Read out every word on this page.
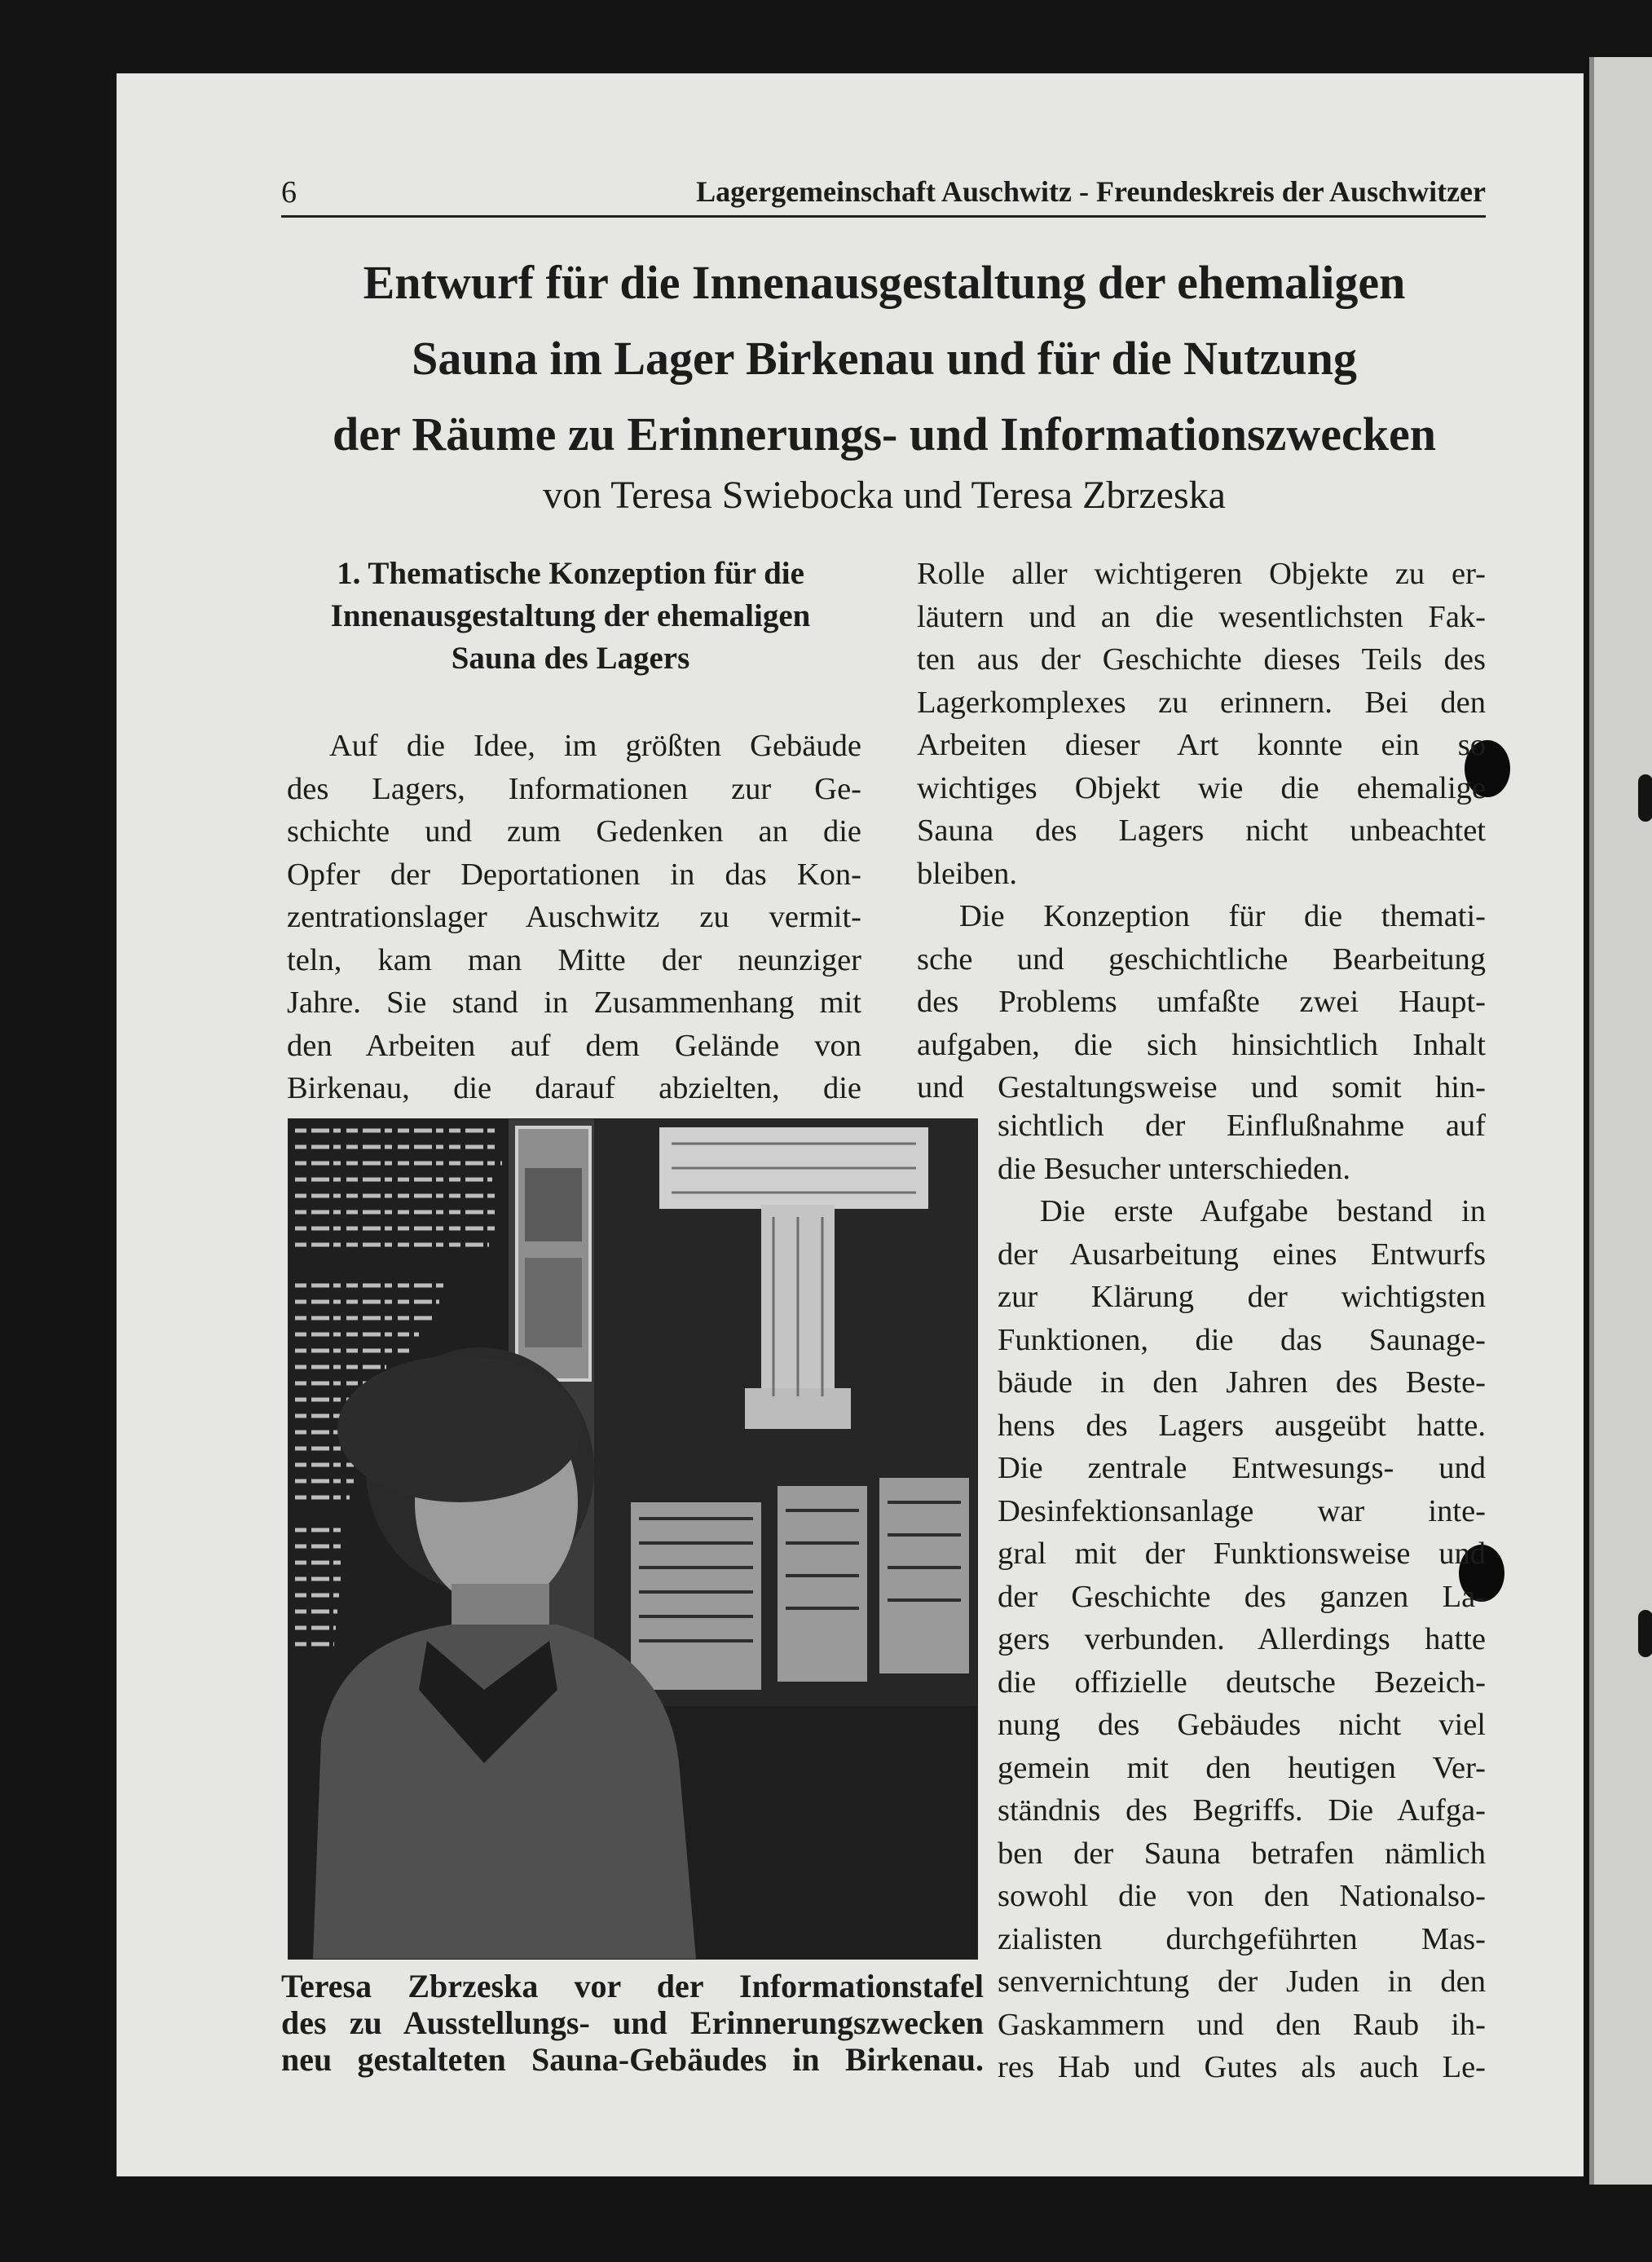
6	Lagergemeinschaft Auschwitz - Freundeskreis der Auschwitzer
Entwurf für die Innenausgestaltung der ehemaligen
Sauna im Lager Birkenau und für die Nutzung
der Räume zu Erinnerungs- und Informationszwecken

von Teresa Swiebocka und Teresa Zbrzeska

1. Thematische Konzeption für die
Innenausgestaltung der ehemaligen
Sauna des Lagers
Auf die Idee, im größten Gebäude
des Lagers, Informationen zur Ge-
schichte und zum Gedenken an die
Opfer der Deportationen in das Kon-
zentrationslager Auschwitz zu vermit-
teln, kam man Mitte der neunziger
Jahre. Sie stand in Zusammenhang mit
den Arbeiten auf dem Gelände von
Birkenau, die darauf abzielten, die
Rolle aller wichtigeren Objekte zu er-
läutern und an die wesentlichsten Fak-
ten aus der Geschichte dieses Teils des
Lagerkomplexes zu erinnern. Bei den
Arbeiten dieser Art konnte ein so
wichtiges Objekt wie die ehemalige
Sauna des Lagers nicht unbeachtet
bleiben.
Die Konzeption für die themati-
sche und geschichtliche Bearbeitung
des Problems umfaßte zwei Haupt-
aufgaben, die sich hinsichtlich Inhalt
und Gestaltungsweise und somit hin-
sichtlich der Einflußnahme auf
die Besucher unterschieden.
Die erste Aufgabe bestand in
der Ausarbeitung eines Entwurfs
zur Klärung der wichtigsten
Funktionen, die das Saunage-
bäude in den Jahren des Beste-
hens des Lagers ausgeübt hatte.
Die zentrale Entwesungs- und
Desinfektionsanlage war inte-
gral mit der Funktionsweise und
der Geschichte des ganzen La-
gers verbunden. Allerdings hatte
die offizielle deutsche Bezeich-
nung des Gebäudes nicht viel
gemein mit den heutigen Ver-
ständnis des Begriffs. Die Aufga-
ben der Sauna betrafen nämlich
sowohl die von den Nationalso-
zialisten durchgeführten Mas-
senvernichtung der Juden in den
Gaskammern und den Raub ih-
res Hab und Gutes als auch Le-

Teresa Zbrzeska vor der Informationstafel
des zu Ausstellungs- und Erinnerungszwecken
neu gestalteten Sauna-Gebäudes in Birkenau.
